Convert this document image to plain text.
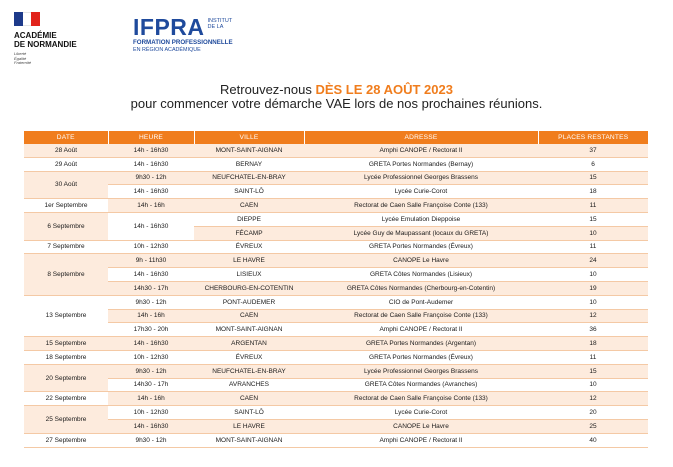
ACADÉMIE
DE NORMANDIE
Liberté
Égalité
Fraternité
IFPRA INSTITUT
DE LA
FORMATION PROFESSIONNELLE
EN RÉGION ACADÉMIQUE
Retrouvez-nous DÈS LE 28 AOÛT 2023
pour commencer votre démarche VAE lors de nos prochaines réunions.
DATE	HEURE	VILLE	ADRESSE	PLACES RESTANTES
28 Août	14h - 16h30	MONT-SAINT-AIGNAN	Amphi CANOPE / Rectorat II	37
29 Août	14h - 16h30	BERNAY	GRETA Portes Normandes (Bernay)	6
30 Août	9h30 - 12h	NEUFCHATEL-EN-BRAY	Lycée Professionnel Georges Brassens	15
	14h - 16h30	SAINT-LÔ	Lycée Curie-Corot	18
1er Septembre	14h - 16h	CAEN	Rectorat de Caen Salle Françoise Conte (133)	11
6 Septembre	14h - 16h30	DIEPPE	Lycée Emulation Dieppoise	15
		FÉCAMP	Lycée Guy de Maupassant (locaux du GRETA)	10
7 Septembre	10h - 12h30	ÉVREUX	GRETA Portes Normandes (Évreux)	11
8 Septembre	9h - 11h30	LE HAVRE	CANOPE Le Havre	24
	14h - 16h30	LISIEUX	GRETA Côtes Normandes (Lisieux)	10
	14h30 - 17h	CHERBOURG-EN-COTENTIN	GRETA Côtes Normandes (Cherbourg-en-Cotentin)	19
13 Septembre	9h30 - 12h	PONT-AUDEMER	CIO de Pont-Audemer	10
	14h - 16h	CAEN	Rectorat de Caen Salle Françoise Conte (133)	12
	17h30 - 20h	MONT-SAINT-AIGNAN	Amphi CANOPE / Rectorat II	36
15 Septembre	14h - 16h30	ARGENTAN	GRETA Portes Normandes (Argentan)	18
18 Septembre	10h - 12h30	ÉVREUX	GRETA Portes Normandes (Évreux)	11
20 Septembre	9h30 - 12h	NEUFCHATEL-EN-BRAY	Lycée Professionnel Georges Brassens	15
	14h30 - 17h	AVRANCHES	GRETA Côtes Normandes (Avranches)	10
22 Septembre	14h - 16h	CAEN	Rectorat de Caen Salle Françoise Conte (133)	12
25 Septembre	10h - 12h30	SAINT-LÔ	Lycée Curie-Corot	20
	14h - 16h30	LE HAVRE	CANOPE Le Havre	25
27 Septembre	9h30 - 12h	MONT-SAINT-AIGNAN	Amphi CANOPE / Rectorat II	40
